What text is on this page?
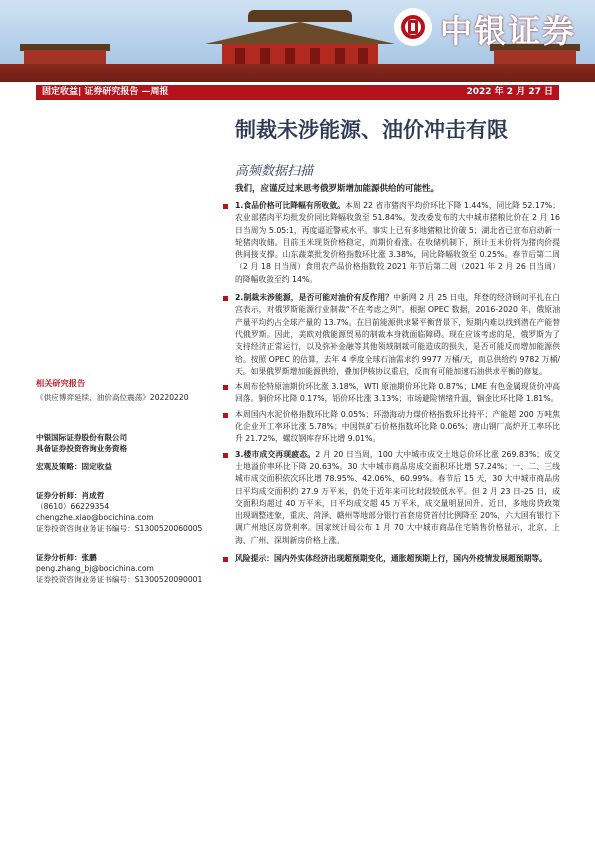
中银证券
固定收益| 证券研究报告 —周报	2022 年 2 月 27 日
制裁未涉能源、油价冲击有限
高频数据扫描
我们，应谨反过来思考俄罗斯增加能源供给的可能性。
1.食品价格可比降幅有所收敛。本周 22 省市猪肉平均价环比下降 1.44%，同比降 52.17%；农业部猪肉平均批发价同比降幅收敛至 51.84%。发改委发布的大中城市猪粮比价在 2 月 16 日当周为 5.05:1，再度逼近警戒水平。事实上已有多地猪粮比价破 5；湖北省已宣布启动新一轮猪肉收储。目前玉米现货价格稳定，而期价看涨。在收储机制下，预计玉米价将为猪肉价提供间接支撑。山东蔬菜批发价格指数环比涨 3.38%，同比降幅收敛至 0.25%。春节后第二周（2 月 18 日当周）食用农产品价格指数较 2021 年节后第二周（2021 年 2 月 26 日当周）的降幅收敛至约 14%。
2.制裁未涉能源，是否可能对油价有反作用？中新网 2 月 25 日电，拜登的经济顾问平扎在白宫表示，对俄罗斯能源行业制裁“不在考虑之列”。根据 OPEC 数据，2016-2020 年，俄原油产量平均约占全球产量的 13.7%。在目前能源供求紧平衡背景下，短期内难以找到潜在产能替代俄罗斯。因此，美欧对俄能源贸易的制裁本身就面临障碍。现在应该考虑的是，俄罗斯为了支持经济正常运行，以及弥补金融等其他领域制裁可能造成的损失，是否可能反而增加能源供给。按照 OPEC 的估算，去年 4 季度全球石油需求约 9977 万桶/天，而总供给约 9782 万桶/天。如果俄罗斯增加能源供给，叠加伊核协议重启，反而有可能加速石油供求平衡的修复。
本周布伦特原油期价环比涨 3.18%，WTI 原油期价环比降 0.87%；LME 有色金属现货价冲高回落。铜价环比降 0.17%，铝价环比涨 3.13%；市场避险情绪升温，铜金比环比降 1.81%。
本周国内水泥价格指数环比降 0.05%；环渤海动力煤价格指数环比持平；产能超 200 万吨焦化企业开工率环比涨 5.78%；中国铁矿石价格指数环比降 0.06%；唐山钢厂高炉开工率环比升 21.72%，螺纹钢库存环比增 9.01%。
3.楼市成交再现疲态。2 月 20 日当周，100 大中城市成交土地总价环比涨 269.83%；成交土地溢价率环比下降 20.63%。30 大中城市商品房成交面积环比增 57.24%；一、二、三线城市成交面积依次环比增 78.95%、42.06%、60.99%。春节后 15 天，30 大中城市商品房日平均成交面积约 27.9 万平米，仍处于近年来可比时段较低水平。但 2 月 23 日-25 日，成交面积均超过 40 万平米，日平均成交超 45 万平米，成交量明显回升。近日，多地房贷政策出现调整迹象，重庆、菏泽、赣州等地部分银行首套房贷首付比例降至 20%，六大国有银行下调广州地区房贷利率。国家统计局公布 1 月 70 大中城市商品住宅销售价格显示，北京、上海、广州、深圳新房价格上涨。
风险提示：国内外实体经济出现超预期变化，通胀超预期上行，国内外疫情发展超预期等。
相关研究报告
《供应博弈延续、油价高位震荡》20220220
中银国际证券股份有限公司
具备证券投资咨询业务资格
宏观及策略：固定收益
证券分析师：肖成哲
（8610）66229354
chengzhe.xiao@bocichina.com
证券投资咨询业务证书编号：S1300520060005
证券分析师：张鹏
peng.zhang_bj@bocichina.com
证券投资咨询业务证书编号：S1300520090001
